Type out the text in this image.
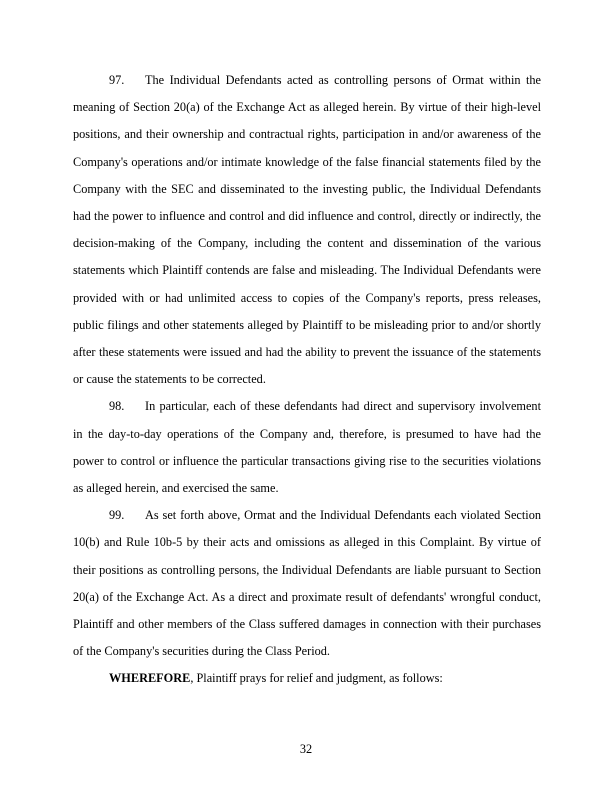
97. The Individual Defendants acted as controlling persons of Ormat within the meaning of Section 20(a) of the Exchange Act as alleged herein. By virtue of their high-level positions, and their ownership and contractual rights, participation in and/or awareness of the Company's operations and/or intimate knowledge of the false financial statements filed by the Company with the SEC and disseminated to the investing public, the Individual Defendants had the power to influence and control and did influence and control, directly or indirectly, the decision-making of the Company, including the content and dissemination of the various statements which Plaintiff contends are false and misleading. The Individual Defendants were provided with or had unlimited access to copies of the Company's reports, press releases, public filings and other statements alleged by Plaintiff to be misleading prior to and/or shortly after these statements were issued and had the ability to prevent the issuance of the statements or cause the statements to be corrected.

98. In particular, each of these defendants had direct and supervisory involvement in the day-to-day operations of the Company and, therefore, is presumed to have had the power to control or influence the particular transactions giving rise to the securities violations as alleged herein, and exercised the same.

99. As set forth above, Ormat and the Individual Defendants each violated Section 10(b) and Rule 10b-5 by their acts and omissions as alleged in this Complaint. By virtue of their positions as controlling persons, the Individual Defendants are liable pursuant to Section 20(a) of the Exchange Act. As a direct and proximate result of defendants' wrongful conduct, Plaintiff and other members of the Class suffered damages in connection with their purchases of the Company's securities during the Class Period.

WHEREFORE, Plaintiff prays for relief and judgment, as follows:

32
